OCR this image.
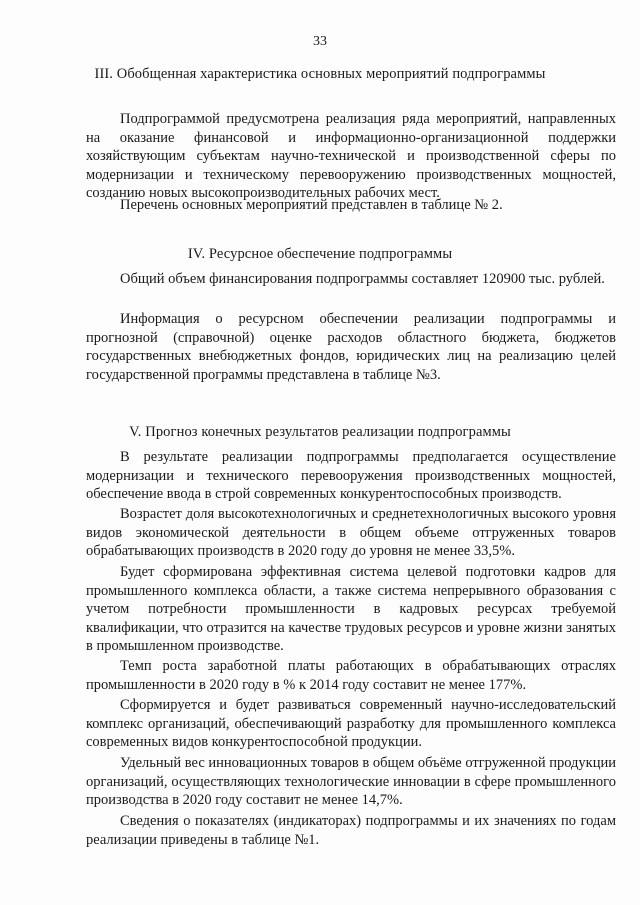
33
III. Обобщенная характеристика основных мероприятий подпрограммы
Подпрограммой предусмотрена реализация ряда мероприятий, направленных на оказание финансовой и информационно-организационной поддержки хозяйствующим субъектам научно-технической и производственной сферы по модернизации и техническому перевооружению производственных мощностей, созданию новых высокопроизводительных рабочих мест.
Перечень основных мероприятий представлен в таблице № 2.
IV. Ресурсное обеспечение подпрограммы
Общий объем финансирования подпрограммы составляет 120900 тыс. рублей.
Информация о ресурсном обеспечении реализации подпрограммы и прогнозной (справочной) оценке расходов областного бюджета, бюджетов государственных внебюджетных фондов, юридических лиц на реализацию целей государственной программы представлена в таблице №3.
V. Прогноз конечных результатов реализации подпрограммы
В результате реализации подпрограммы предполагается осуществление модернизации и технического перевооружения производственных мощностей, обеспечение ввода в строй современных конкурентоспособных производств.
Возрастет доля высокотехнологичных и среднетехнологичных высокого уровня видов экономической деятельности в общем объеме отгруженных товаров обрабатывающих производств в 2020 году до уровня не менее 33,5%.
Будет сформирована эффективная система целевой подготовки кадров для промышленного комплекса области, а также система непрерывного образования с учетом потребности промышленности в кадровых ресурсах требуемой квалификации, что отразится на качестве трудовых ресурсов и уровне жизни занятых в промышленном производстве.
Темп роста заработной платы работающих в обрабатывающих отраслях промышленности в 2020 году в % к 2014 году составит не менее 177%.
Сформируется и будет развиваться современный научно-исследовательский комплекс организаций, обеспечивающий разработку для промышленного комплекса современных видов конкурентоспособной продукции.
Удельный вес инновационных товаров в общем объёме отгруженной продукции организаций, осуществляющих технологические инновации в сфере промышленного производства в 2020 году составит не менее 14,7%.
Сведения о показателях (индикаторах) подпрограммы и их значениях по годам реализации приведены в таблице №1.
